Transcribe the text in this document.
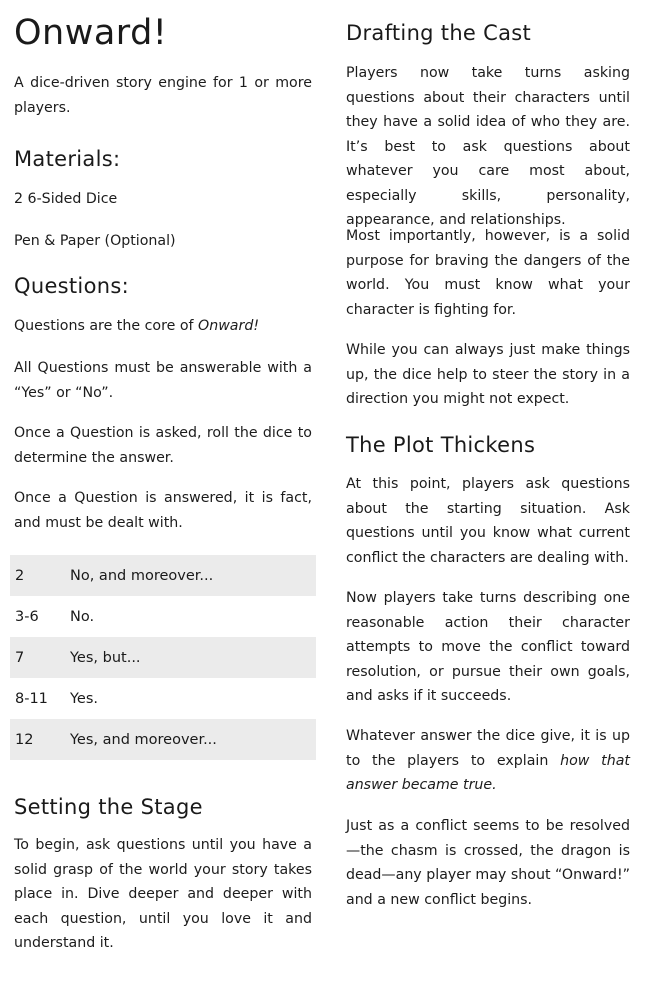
Onward!

A dice-driven story engine for 1 or more players.

Materials:

2 6-Sided Dice

Pen & Paper (Optional)

Questions:

Questions are the core of Onward!

All Questions must be answerable with a “Yes” or “No”.

Once a Question is asked, roll the dice to determine the answer.

Once a Question is answered, it is fact, and must be dealt with.

2	No, and moreover...
3-6	No.
7	Yes, but...
8-11	Yes.
12	Yes, and moreover...
Setting the Stage

To begin, ask questions until you have a solid grasp of the world your story takes place in. Dive deeper and deeper with each question, until you love it and understand it.

Drafting the Cast

Players now take turns asking questions about their characters until they have a solid idea of who they are. It’s best to ask questions about whatever you care most about, especially skills, personality, appearance, and relationships.

Most importantly, however, is a solid purpose for braving the dangers of the world. You must know what your character is fighting for.

While you can always just make things up, the dice help to steer the story in a direction you might not expect.

The Plot Thickens

At this point, players ask questions about the starting situation. Ask questions until you know what current conflict the characters are dealing with.

Now players take turns describing one reasonable action their character attempts to move the conflict toward resolution, or pursue their own goals, and asks if it succeeds.

Whatever answer the dice give, it is up to the players to explain how that answer became true.

Just as a conflict seems to be resolved —the chasm is crossed, the dragon is dead—any player may shout “Onward!” and a new conflict begins.
